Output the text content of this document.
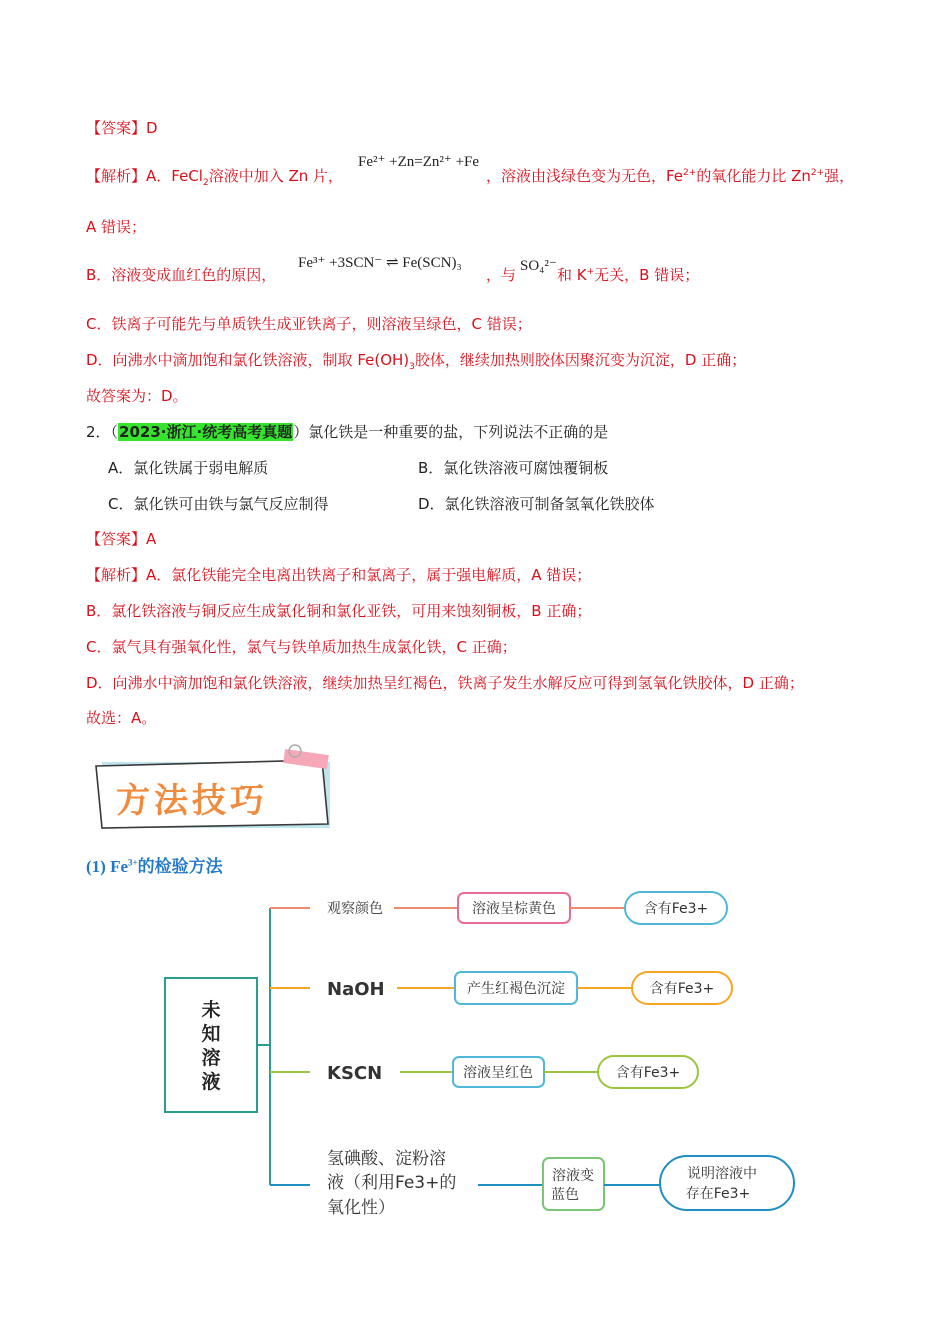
【答案】D
Fe²⁺ +Zn=Zn²⁺ +Fe
【解析】A．FeCl$_2$溶液中加入 Zn 片，	，溶液由浅绿色变为无色，$Fe^{2+}$的氧化能力比 $Zn^{2+}$强，
A 错误；
B．溶液变成血红色的原因，
Fe³⁺ +3SCN⁻ ⇌ Fe(SCN)₃
，与 SO₄²⁻ 和 K+无关，B 错误；
C．铁离子可能先与单质铁生成亚铁离子，则溶液呈绿色，C 错误；
D．向沸水中滴加饱和氯化铁溶液，制取 $Fe(OH)_3$胶体，继续加热则胶体因聚沉变为沉淀，D 正确；
故答案为：D。
2．（2023·浙江·统考高考真题）氯化铁是一种重要的盐，下列说法不正确的是
A．氯化铁属于弱电解质	B．氯化铁溶液可腐蚀覆铜板
C．氯化铁可由铁与氯气反应制得	D．氯化铁溶液可制备氢氧化铁胶体
【答案】A
【解析】A．氯化铁能完全电离出铁离子和氯离子，属于强电解质，A 错误；
B．氯化铁溶液与铜反应生成氯化铜和氯化亚铁，可用来蚀刻铜板，B 正确；
C．氯气具有强氧化性，氯气与铁单质加热生成氯化铁，C 正确；
D．向沸水中滴加饱和氯化铁溶液，继续加热呈红褐色，铁离子发生水解反应可得到氢氧化铁胶体，D 正确；
故选：A。
方法技巧
(1) $Fe^{3+}$的检验方法
未
知
溶
液
观察颜色	溶液呈棕黄色	含有Fe3+
NaOH	产生红褐色沉淀	含有Fe3+
KSCN	溶液呈红色	含有Fe3+
氢碘酸、淀粉溶
液（利用Fe3+的
氧化性）
溶液变
蓝色
说明溶液中
存在Fe3+
